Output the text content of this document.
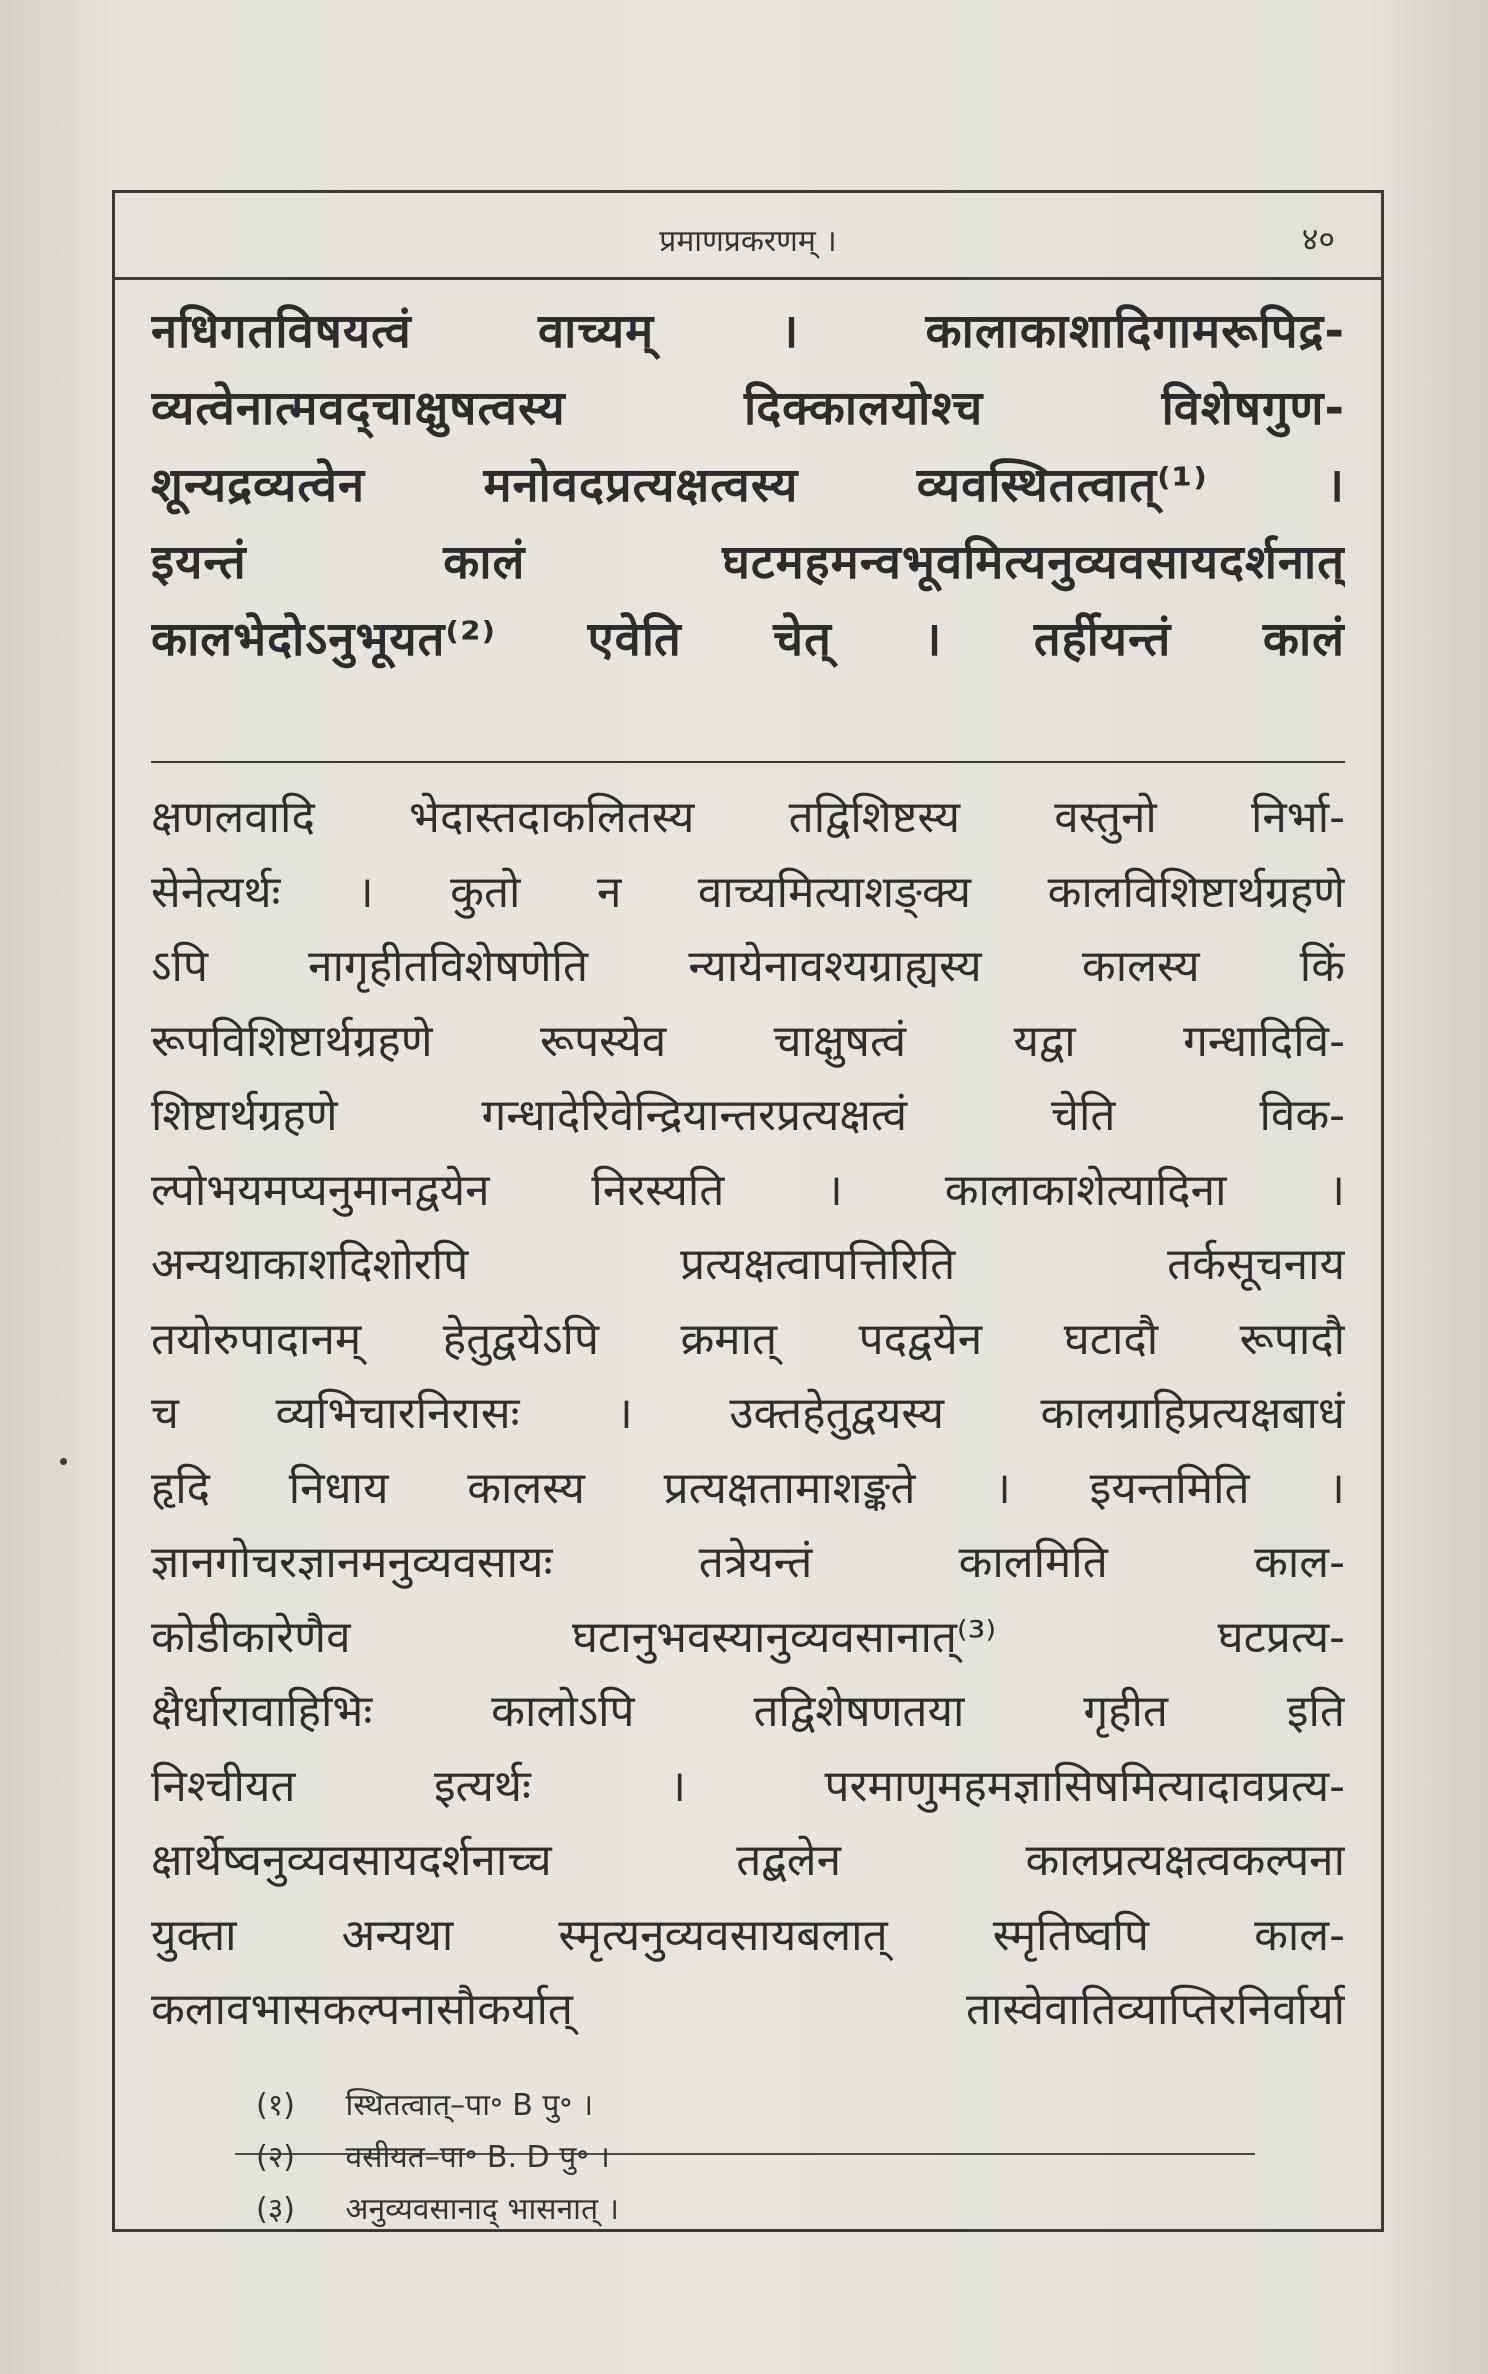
प्रमाणप्रकरणम् ।	४०
नधिगतविषयत्वं वाच्यम् । कालाकाशादिगामरूपिद्र-
व्यत्वेनात्मवद्चाक्षुषत्वस्य दिक्कालयोश्च विशेषगुण-
शून्यद्रव्यत्वेन मनोवदप्रत्यक्षत्वस्य व्यवस्थितत्वात्⁽¹⁾ ।
इयन्तं कालं घटमहमन्वभूवमित्यनुव्यवसायदर्शनात्
कालभेदोऽनुभूयत⁽²⁾ एवेति चेत् । तर्हीयन्तं कालं
क्षणलवादि भेदास्तदाकलितस्य तद्विशिष्टस्य वस्तुनो निर्भा-
सेनेत्यर्थः । कुतो न वाच्यमित्याशङ्क्य कालविशिष्टार्थग्रहणे
ऽपि नागृहीतविशेषणेति न्यायेनावश्यग्राह्यस्य कालस्य किं
रूपविशिष्टार्थग्रहणे रूपस्येव चाक्षुषत्वं यद्वा गन्धादिवि-
शिष्टार्थग्रहणे गन्धादेरिवेन्द्रियान्तरप्रत्यक्षत्वं चेति विक-
ल्पोभयमप्यनुमानद्वयेन निरस्यति । कालाकाशेत्यादिना ।
अन्यथाकाशदिशोरपि प्रत्यक्षत्वापत्तिरिति तर्कसूचनाय
तयोरुपादानम् हेतुद्वयेऽपि क्रमात् पदद्वयेन घटादौ रूपादौ
च व्यभिचारनिरासः । उक्तहेतुद्वयस्य कालग्राहिप्रत्यक्षबाधं
हृदि निधाय कालस्य प्रत्यक्षतामाशङ्कते । इयन्तमिति ।
ज्ञानगोचरज्ञानमनुव्यवसायः तत्रेयन्तं कालमिति काल-
कोडीकारेणैव घटानुभवस्यानुव्यवसानात्⁽³⁾ घटप्रत्य-
क्षैर्धारावाहिभिः कालोऽपि तद्विशेषणतया गृहीत इति
निश्चीयत इत्यर्थः । परमाणुमहमज्ञासिषमित्यादावप्रत्य-
क्षार्थेष्वनुव्यवसायदर्शनाच्च तद्बलेन कालप्रत्यक्षत्वकल्पना
युक्ता अन्यथा स्मृत्यनुव्यवसायबलात् स्मृतिष्वपि काल-
कलावभासकल्पनासौकर्यात् तास्वेवातिव्याप्तिरनिर्वार्या
(१) स्थितत्वात्–पा॰ B पु॰ ।
(२) वसीयत–पा॰ B. D पु॰ ।
(३) अनुव्यवसानाद् भासनात् ।
